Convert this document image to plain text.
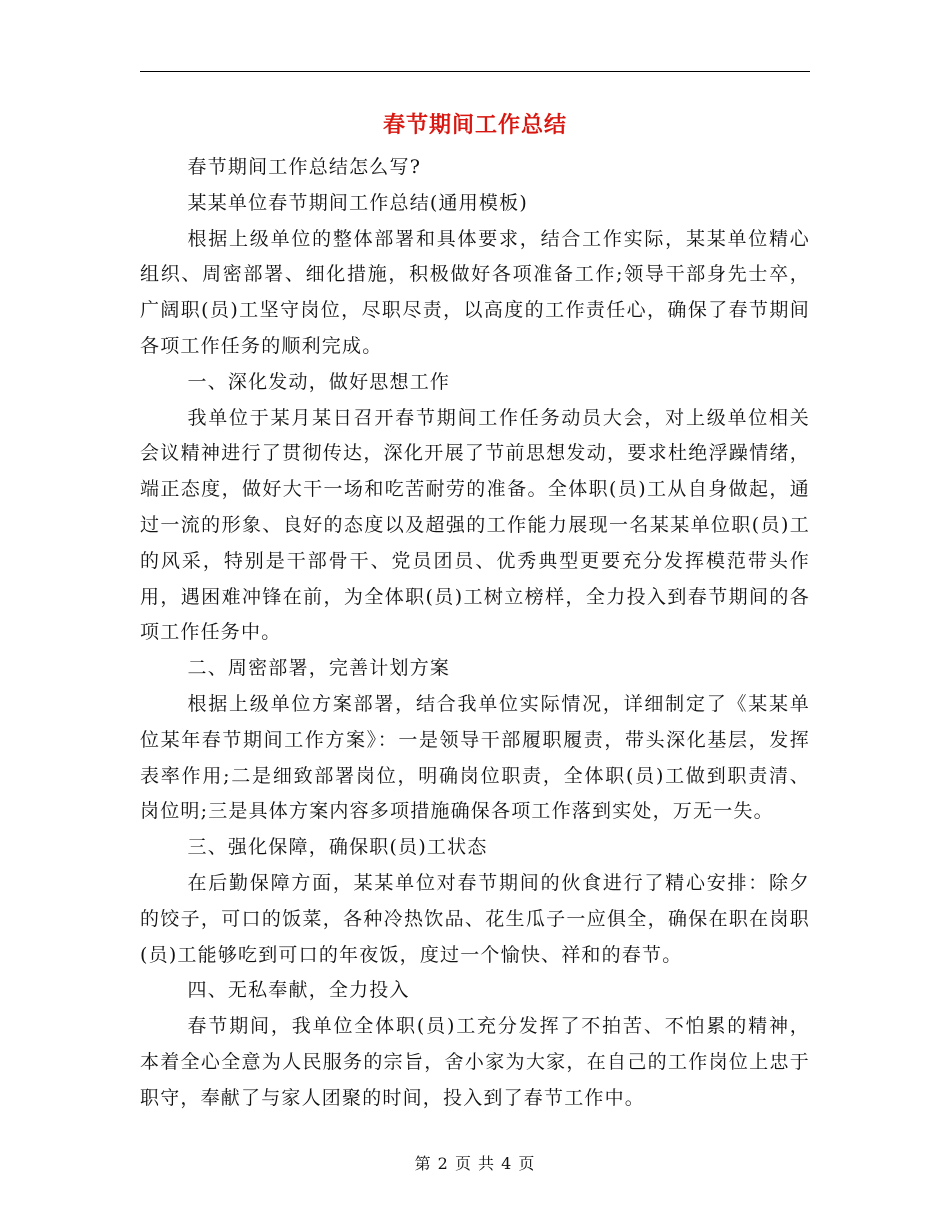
春节期间工作总结

春节期间工作总结怎么写?

某某单位春节期间工作总结(通用模板)

根据上级单位的整体部署和具体要求，结合工作实际，某某单位精心组织、周密部署、细化措施，积极做好各项准备工作;领导干部身先士卒，广阔职(员)工坚守岗位，尽职尽责，以高度的工作责任心，确保了春节期间各项工作任务的顺利完成。

一、深化发动，做好思想工作

我单位于某月某日召开春节期间工作任务动员大会，对上级单位相关会议精神进行了贯彻传达，深化开展了节前思想发动，要求杜绝浮躁情绪，端正态度，做好大干一场和吃苦耐劳的准备。全体职(员)工从自身做起，通过一流的形象、良好的态度以及超强的工作能力展现一名某某单位职(员)工的风采，特别是干部骨干、党员团员、优秀典型更要充分发挥模范带头作用，遇困难冲锋在前，为全体职(员)工树立榜样，全力投入到春节期间的各项工作任务中。

二、周密部署，完善计划方案

根据上级单位方案部署，结合我单位实际情况，详细制定了《某某单位某年春节期间工作方案》：一是领导干部履职履责，带头深化基层，发挥表率作用;二是细致部署岗位，明确岗位职责，全体职(员)工做到职责清、岗位明;三是具体方案内容多项措施确保各项工作落到实处，万无一失。

三、强化保障，确保职(员)工状态

在后勤保障方面，某某单位对春节期间的伙食进行了精心安排：除夕的饺子，可口的饭菜，各种冷热饮品、花生瓜子一应俱全，确保在职在岗职(员)工能够吃到可口的年夜饭，度过一个愉快、祥和的春节。

四、无私奉献，全力投入

春节期间，我单位全体职(员)工充分发挥了不拍苦、不怕累的精神，本着全心全意为人民服务的宗旨，舍小家为大家，在自己的工作岗位上忠于职守，奉献了与家人团聚的时间，投入到了春节工作中。

第 2 页 共 4 页
